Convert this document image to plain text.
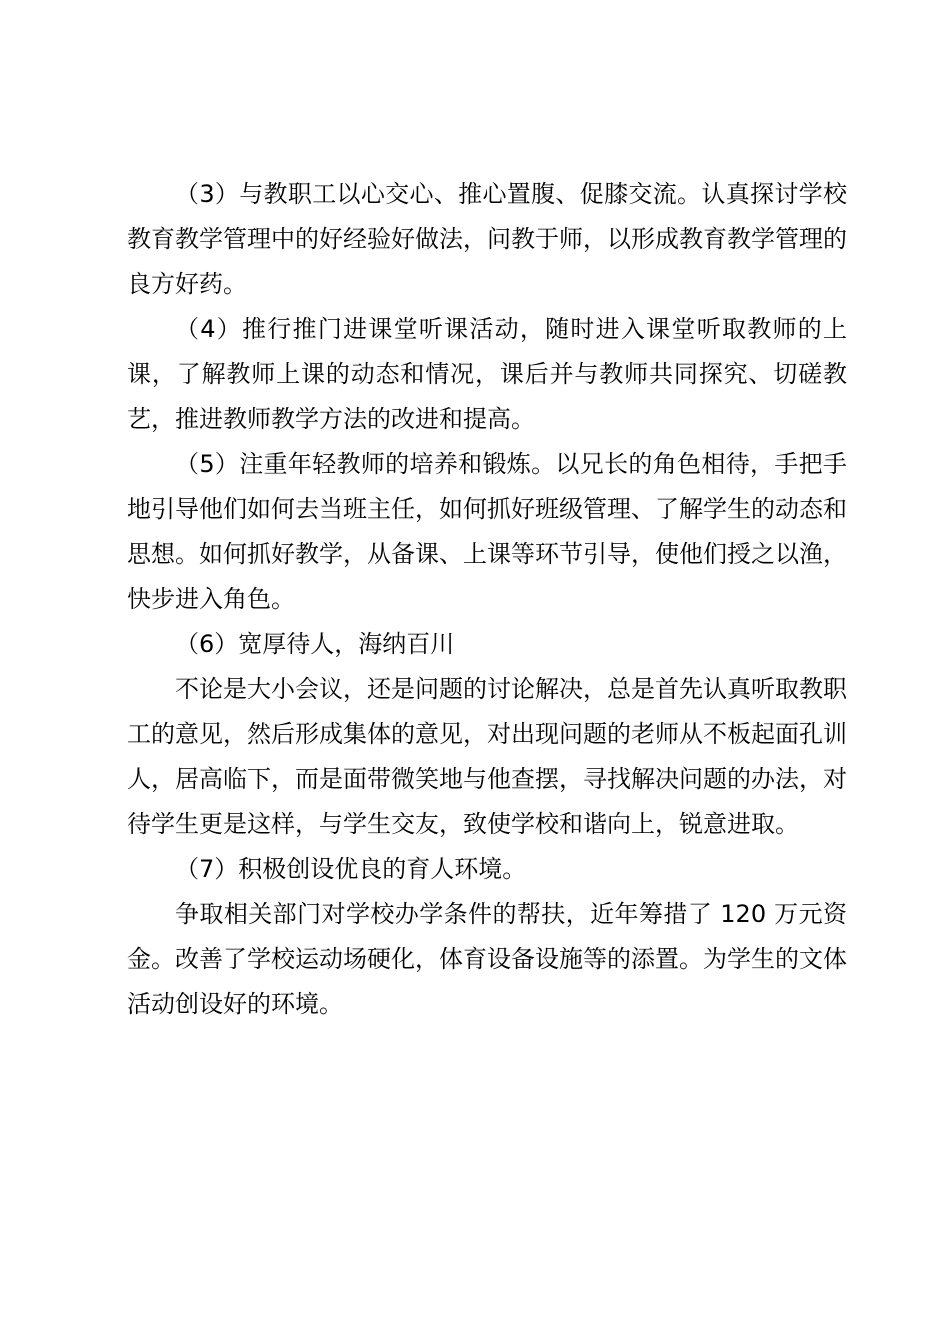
（3）与教职工以心交心、推心置腹、促膝交流。认真探讨学校教育教学管理中的好经验好做法，问教于师，以形成教育教学管理的良方好药。

（4）推行推门进课堂听课活动，随时进入课堂听取教师的上课，了解教师上课的动态和情况，课后并与教师共同探究、切磋教艺，推进教师教学方法的改进和提高。

（5）注重年轻教师的培养和锻炼。以兄长的角色相待，手把手地引导他们如何去当班主任，如何抓好班级管理、了解学生的动态和思想。如何抓好教学，从备课、上课等环节引导，使他们授之以渔，快步进入角色。

（6）宽厚待人，海纳百川

不论是大小会议，还是问题的讨论解决，总是首先认真听取教职工的意见，然后形成集体的意见，对出现问题的老师从不板起面孔训人，居高临下，而是面带微笑地与他查摆，寻找解决问题的办法，对待学生更是这样，与学生交友，致使学校和谐向上，锐意进取。

（7）积极创设优良的育人环境。

争取相关部门对学校办学条件的帮扶，近年筹措了 120 万元资金。改善了学校运动场硬化，体育设备设施等的添置。为学生的文体活动创设好的环境。
